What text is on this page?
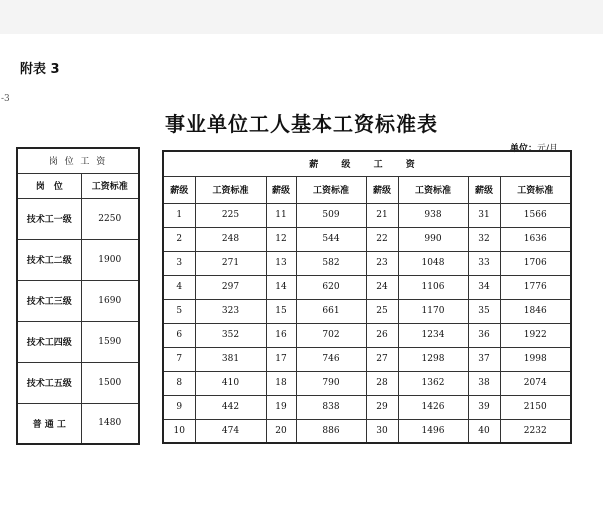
-3
附表 3
事业单位工人基本工资标准表
单位：元/月
岗 位 工 资	
岗　位	工资标准
技术工一级	2250
技术工二级	1900
技术工三级	1690
技术工四级	1590
技术工五级	1500
普 通 工	1480
薪 级 工 资							
薪级	工资标准	薪级	工资标准	薪级	工资标准	薪级	工资标准
1	225	11	509	21	938	31	1566
2	248	12	544	22	990	32	1636
3	271	13	582	23	1048	33	1706
4	297	14	620	24	1106	34	1776
5	323	15	661	25	1170	35	1846
6	352	16	702	26	1234	36	1922
7	381	17	746	27	1298	37	1998
8	410	18	790	28	1362	38	2074
9	442	19	838	29	1426	39	2150
10	474	20	886	30	1496	40	2232
